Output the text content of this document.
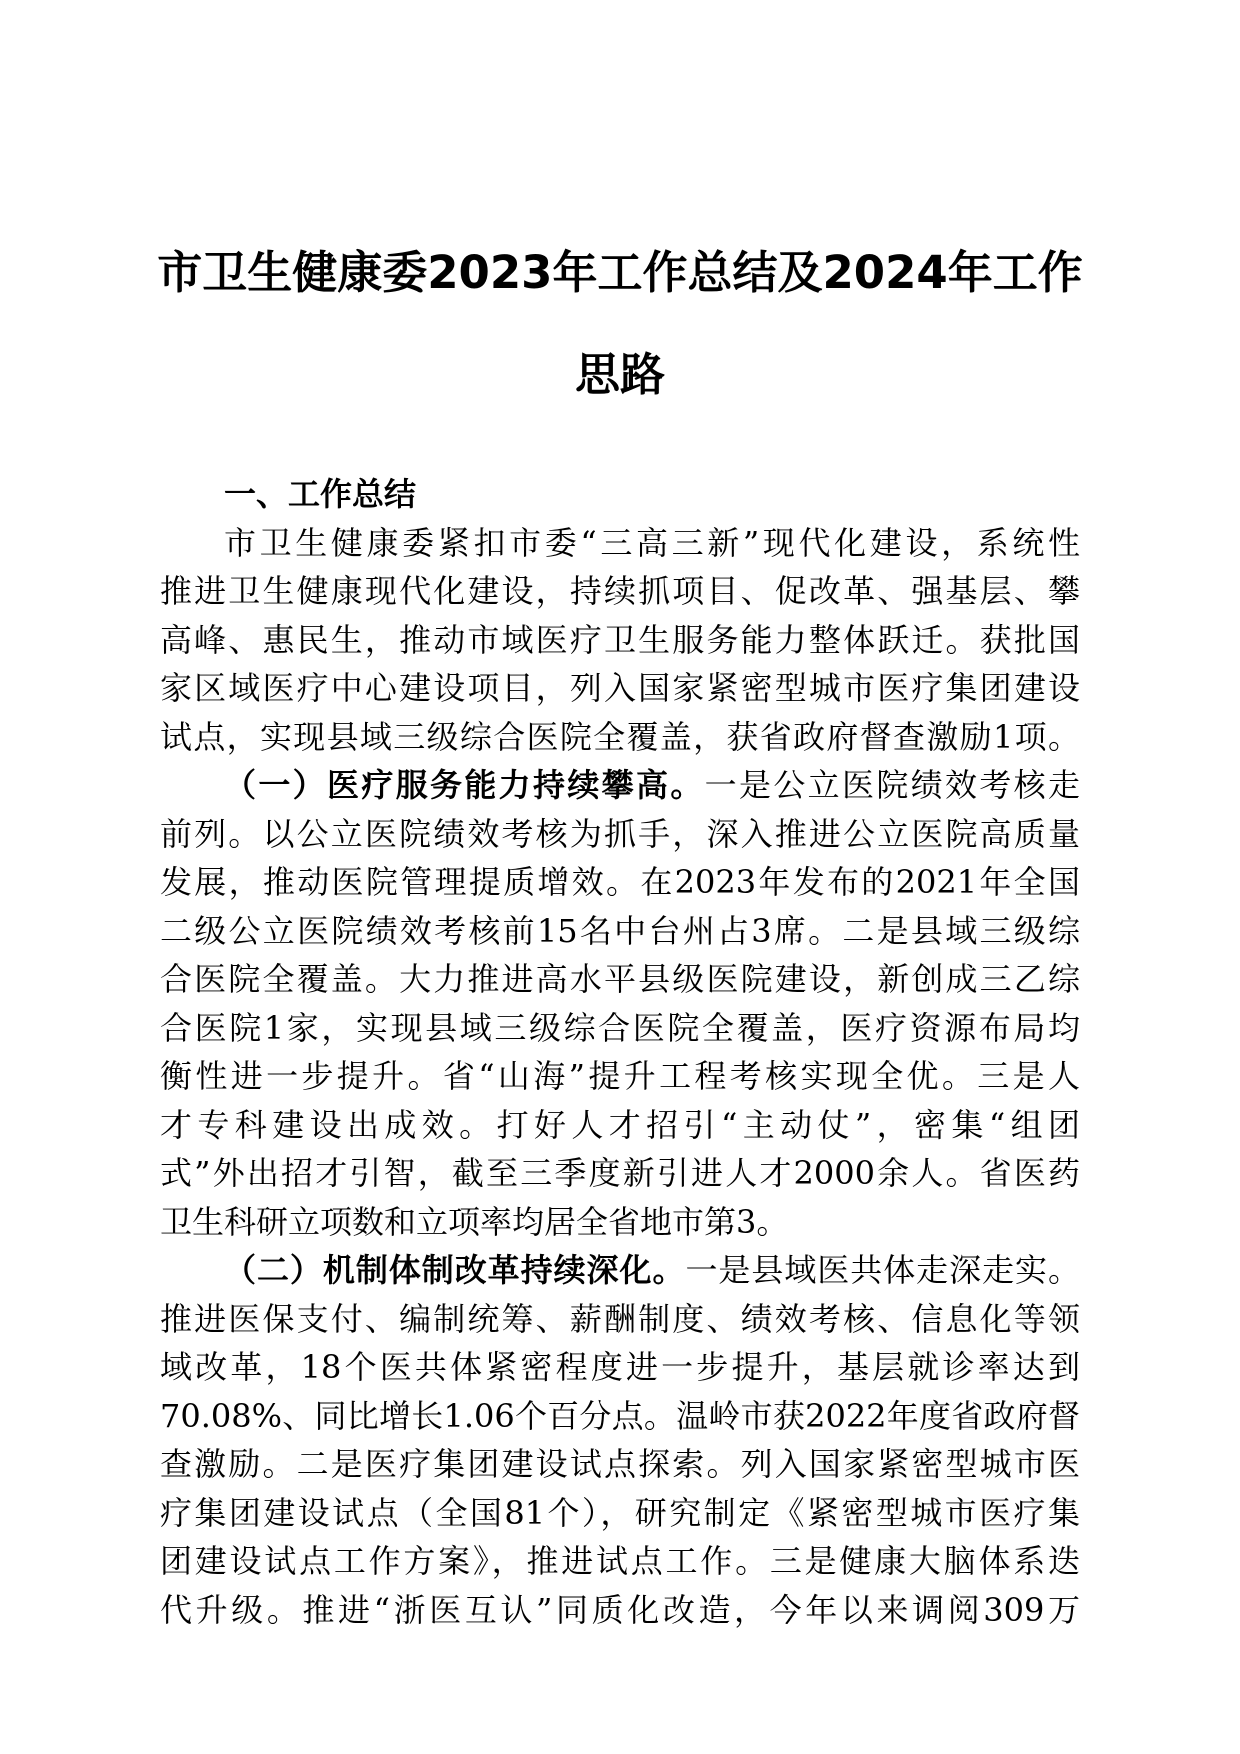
市卫生健康委2023年工作总结及2024年工作
思路
一、工作总结
市卫生健康委紧扣市委“三高三新”现代化建设，系统性
推进卫生健康现代化建设，持续抓项目、促改革、强基层、攀
高峰、惠民生，推动市域医疗卫生服务能力整体跃迁。获批国
家区域医疗中心建设项目，列入国家紧密型城市医疗集团建设
试点，实现县域三级综合医院全覆盖，获省政府督查激励1项。
（一）医疗服务能力持续攀高。一是公立医院绩效考核走
前列。以公立医院绩效考核为抓手，深入推进公立医院高质量
发展，推动医院管理提质增效。在2023年发布的2021年全国
二级公立医院绩效考核前15名中台州占3席。二是县域三级综
合医院全覆盖。大力推进高水平县级医院建设，新创成三乙综
合医院1家，实现县域三级综合医院全覆盖，医疗资源布局均
衡性进一步提升。省“山海”提升工程考核实现全优。三是人
才专科建设出成效。打好人才招引“主动仗”，密集“组团
式”外出招才引智，截至三季度新引进人才2000余人。省医药
卫生科研立项数和立项率均居全省地市第3。
（二）机制体制改革持续深化。一是县域医共体走深走实。
推进医保支付、编制统筹、薪酬制度、绩效考核、信息化等领
域改革，18个医共体紧密程度进一步提升，基层就诊率达到
70.08%、同比增长1.06个百分点。温岭市获2022年度省政府督
查激励。二是医疗集团建设试点探索。列入国家紧密型城市医
疗集团建设试点（全国81个），研究制定《紧密型城市医疗集
团建设试点工作方案》，推进试点工作。三是健康大脑体系迭
代升级。推进“浙医互认”同质化改造，今年以来调阅309万
